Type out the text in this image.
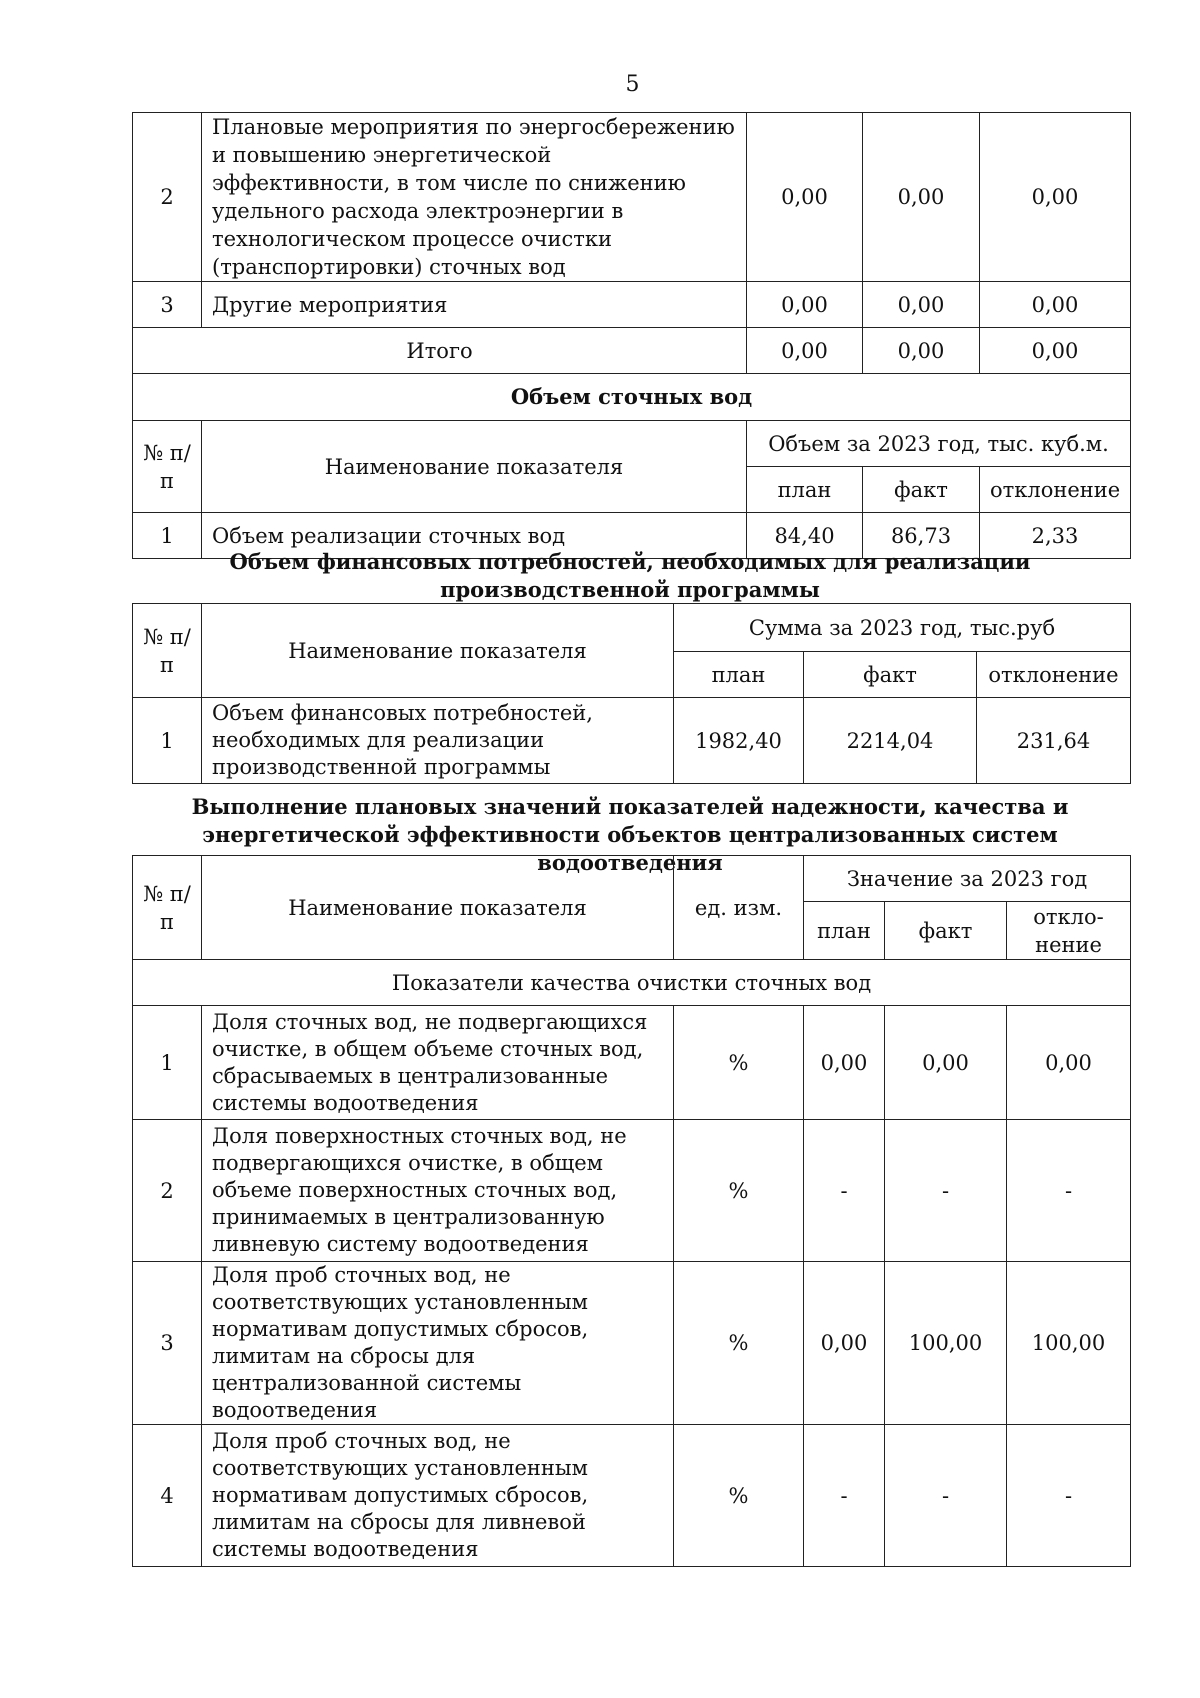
5
2	Плановые мероприятия по энергосбережению и повышению энергетической эффективности, в том числе по снижению удельного расхода электроэнергии в технологическом процессе очистки (транспортировки) сточных вод	0,00	0,00	0,00
3	Другие мероприятия	0,00	0,00	0,00
Итого		0,00	0,00	0,00
Объем сточных вод				
№ п/п	Наименование показателя	Объем за 2023 год, тыс. куб.м.		
		план	факт	отклонение
1	Объем реализации сточных вод	84,40	86,73	2,33
Объем финансовых потребностей, необходимых для реализации производственной программы
№ п/п	Наименование показателя	Сумма за 2023 год, тыс.руб		
		план	факт	отклонение
1	Объем финансовых потребностей, необходимых для реализации производственной программы	1982,40	2214,04	231,64
Выполнение плановых значений показателей надежности, качества и энергетической эффективности объектов централизованных систем водоотведения
№ п/п	Наименование показателя	ед. изм.	Значение за 2023 год		
			план	факт	откло-нение
Показатели качества очистки сточных вод					
1	Доля сточных вод, не подвергающихся очистке, в общем объеме сточных вод, сбрасываемых в централизованные системы водоотведения	%	0,00	0,00	0,00
2	Доля поверхностных сточных вод, не подвергающихся очистке, в общем объеме поверхностных сточных вод, принимаемых в централизованную ливневую систему водоотведения	%	-	-	-
3	Доля проб сточных вод, не соответствующих установленным нормативам допустимых сбросов, лимитам на сбросы для централизованной системы водоотведения	%	0,00	100,00	100,00
4	Доля проб сточных вод, не соответствующих установленным нормативам допустимых сбросов, лимитам на сбросы для ливневой системы водоотведения	%	-	-	-
